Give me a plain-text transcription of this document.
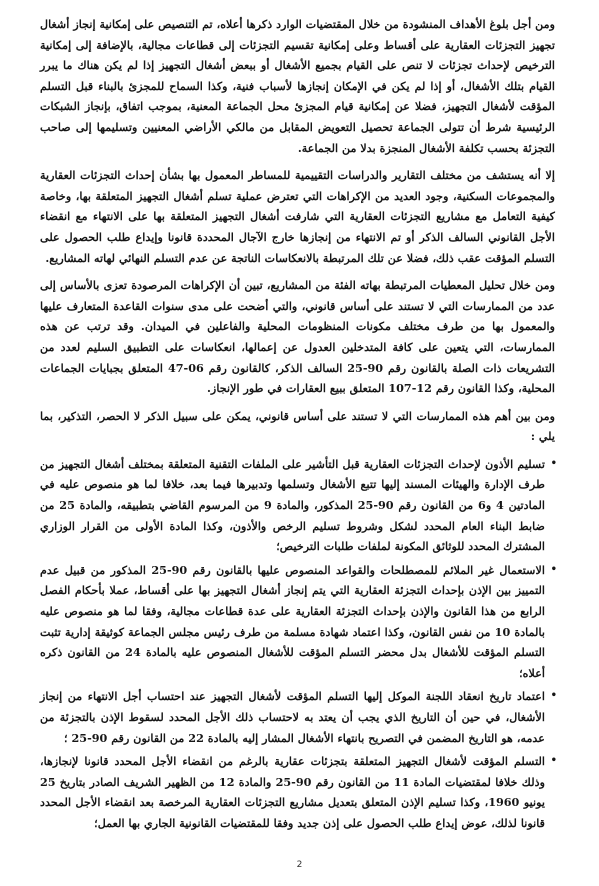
ومن أجل بلوغ الأهداف المنشودة من خلال المقتضيات الوارد ذكرها أعلاه، تم التنصيص على إمكانية إنجاز أشغال تجهيز التجزئات العقارية على أقساط وعلى إمكانية تقسيم التجزئات إلى قطاعات مجالية، بالإضافة إلى إمكانية الترخيص لإحداث تجزئات لا تنص على القيام بجميع الأشغال أو ببعض أشغال التجهيز إذا لم يكن هناك ما يبرر القيام بتلك الأشغال، أو إذا لم يكن في الإمكان إنجازها لأسباب فنية، وكذا السماح للمجزئ بالبناء قبل التسلم المؤقت لأشغال التجهيز، فضلا عن إمكانية قيام المجزئ محل الجماعة المعنية، بموجب اتفاق، بإنجاز الشبكات الرئيسية شرط أن تتولى الجماعة تحصيل التعويض المقابل من مالكي الأراضي المعنيين وتسليمها إلى صاحب التجزئة بحسب تكلفة الأشغال المنجزة بدلا من الجماعة.

إلا أنه يستشف من مختلف التقارير والدراسات التقييمية للمساطر المعمول بها بشأن إحداث التجزئات العقارية والمجموعات السكنية، وجود العديد من الإكراهات التي تعترض عملية تسلم أشغال التجهيز المتعلقة بها، وخاصة كيفية التعامل مع مشاريع التجزئات العقارية التي شارفت أشغال التجهيز المتعلقة بها على الانتهاء مع انقضاء الأجل القانوني السالف الذكر أو تم الانتهاء من إنجازها خارج الآجال المحددة قانونا وإيداع طلب الحصول على التسلم المؤقت عقب ذلك، فضلا عن تلك المرتبطة بالانعكاسات الناتجة عن عدم التسلم النهائي لهاته المشاريع.

ومن خلال تحليل المعطيات المرتبطة بهاته الفئة من المشاريع، تبين أن الإكراهات المرصودة تعزى بالأساس إلى عدد من الممارسات التي لا تستند على أساس قانوني، والتي أضحت على مدى سنوات القاعدة المتعارف عليها والمعمول بها من طرف مختلف مكونات المنظومات المحلية والفاعلين في الميدان. وقد ترتب عن هذه الممارسات، التي يتعين على كافة المتدخلين العدول عن إعمالها، انعكاسات على التطبيق السليم لعدد من التشريعات ذات الصلة بالقانون رقم 90-25 السالف الذكر، كالقانون رقم 06-47 المتعلق بجبايات الجماعات المحلية، وكذا القانون رقم 12-107 المتعلق ببيع العقارات في طور الإنجاز.

ومن بين أهم هذه الممارسات التي لا تستند على أساس قانوني، يمكن على سبيل الذكر لا الحصر، التذكير، بما يلي :

•
تسليم الأذون لإحداث التجزئات العقارية قبل التأشير على الملفات التقنية المتعلقة بمختلف أشغال التجهيز من طرف الإدارة والهيئات المسند إليها تتبع الأشغال وتسلمها وتدبيرها فيما بعد، خلافا لما هو منصوص عليه في المادتين 4 و6 من القانون رقم 90-25 المذكور، والمادة 9 من المرسوم القاضي بتطبيقه، والمادة 25 من ضابط البناء العام المحدد لشكل وشروط تسليم الرخص والأذون، وكذا المادة الأولى من القرار الوزاري المشترك المحدد للوثائق المكونة لملفات طلبات الترخيص؛
•
الاستعمال غير الملائم للمصطلحات والقواعد المنصوص عليها بالقانون رقم 90-25 المذكور من قبيل عدم التمييز بين الإذن بإحداث التجزئة العقارية التي يتم إنجاز أشغال التجهيز بها على أقساط، عملا بأحكام الفصل الرابع من هذا القانون والإذن بإحداث التجزئة العقارية على عدة قطاعات مجالية، وفقا لما هو منصوص عليه بالمادة 10 من نفس القانون، وكذا اعتماد شهادة مسلمة من طرف رئيس مجلس الجماعة كوثيقة إدارية تثبت التسلم المؤقت للأشغال بدل محضر التسلم المؤقت للأشغال المنصوص عليه بالمادة 24 من القانون ذكره أعلاه؛
•
اعتماد تاريخ انعقاد اللجنة الموكل إليها التسلم المؤقت لأشغال التجهيز عند احتساب أجل الانتهاء من إنجاز الأشغال، في حين أن التاريخ الذي يجب أن يعتد به لاحتساب ذلك الأجل المحدد لسقوط الإذن بالتجزئة من عدمه، هو التاريخ المضمن في التصريح بانتهاء الأشغال المشار إليه بالمادة 22 من القانون رقم 90-25 ؛
•
التسلم المؤقت لأشغال التجهيز المتعلقة بتجزئات عقارية بالرغم من انقضاء الأجل المحدد قانونا لإنجازها، وذلك خلافا لمقتضيات المادة 11 من القانون رقم 90-25 والمادة 12 من الظهير الشريف الصادر بتاريخ 25 يونيو 1960، وكذا تسليم الإذن المتعلق بتعديل مشاريع التجزئات العقارية المرخصة بعد انقضاء الأجل المحدد قانونا لذلك، عوض إيداع طلب الحصول على إذن جديد وفقا للمقتضيات القانونية الجاري بها العمل؛
2
